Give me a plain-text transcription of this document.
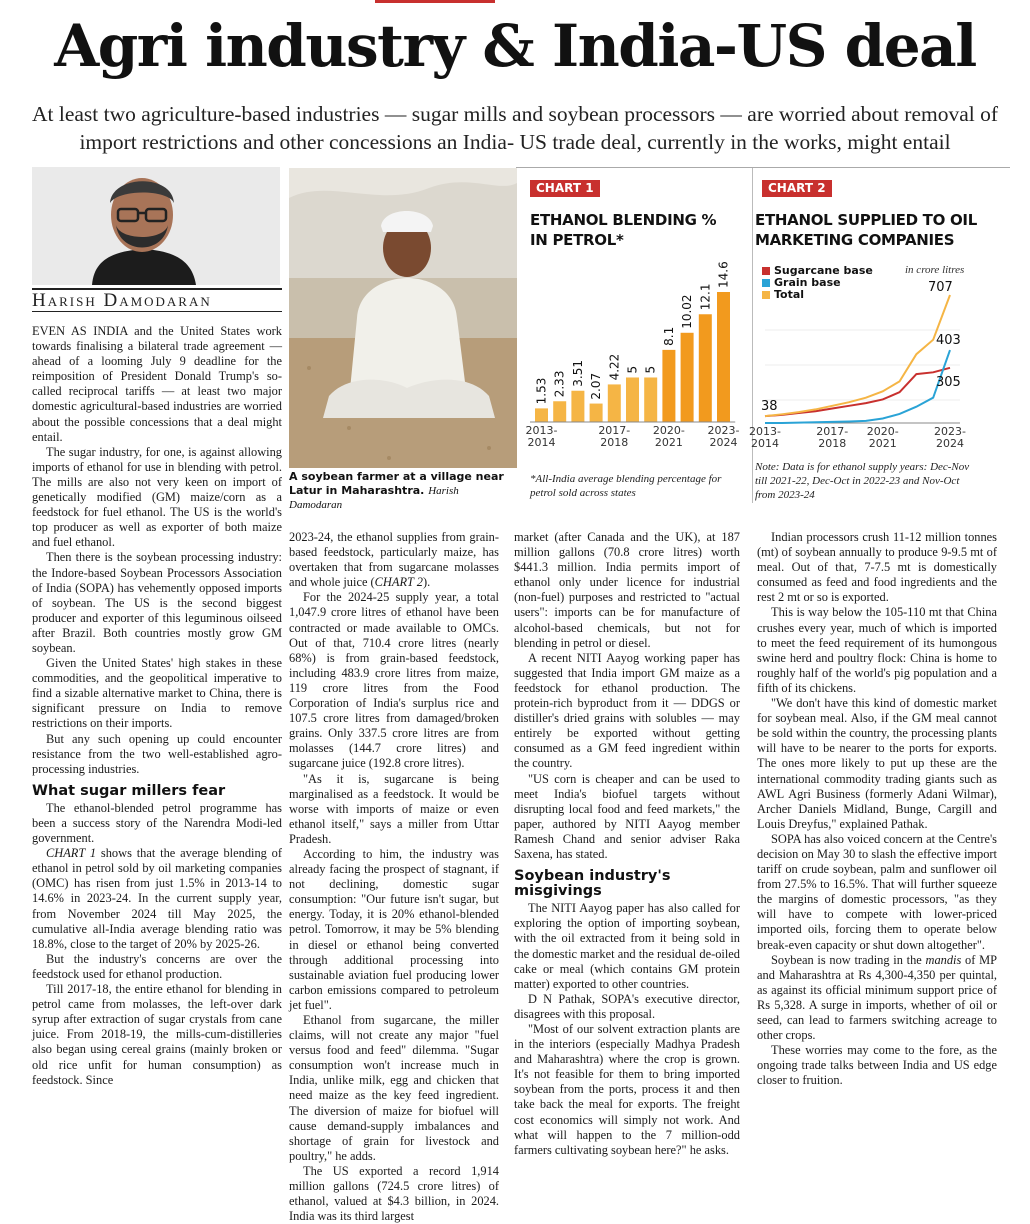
Agri industry & India-US deal
At least two agriculture-based industries — sugar mills and soybean processors — are worried about removal of import restrictions and other concessions an India- US trade deal, currently in the works, might entail
Harish Damodaran
A soybean farmer at a village near Latur in Maharashtra. Harish Damodaran
CHART 1
ETHANOL BLENDING % IN PETROL*
1.53 2.33 3.51 2.07
4.22 5 5
8.1
10.02 12.1
14.6
2013-
2014
2017-
2018
2020-
2021
2023-
2024
*All-India average blending percentage for petrol sold across states
CHART 2
ETHANOL SUPPLIED TO OIL MARKETING COMPANIES
in crore litres
Sugarcane base
Grain base
Total	707
403
305
38
2013-
2014
2017-
2018
2020-
2021
2023-
2024
Note: Data is for ethanol supply years: Dec-Nov till 2021-22, Dec-Oct in 2022-23 and Nov-Oct from 2023-24

EVEN AS INDIA and the United States work towards finalising a bilateral trade agreement — ahead of a looming July 9 deadline for the reimposition of President Donald Trump's so-called reciprocal tariffs — at least two major domestic agricultural-based industries are worried about the possible concessions that a deal might entail.

The sugar industry, for one, is against allowing imports of ethanol for use in blending with petrol. The mills are also not very keen on import of genetically modified (GM) maize/corn as a feedstock for fuel ethanol. The US is the world's top producer as well as exporter of both maize and fuel ethanol.

Then there is the soybean processing industry: the Indore-based Soybean Processors Association of India (SOPA) has vehemently opposed imports of soybean. The US is the second biggest producer and exporter of this leguminous oilseed after Brazil. Both countries mostly grow GM soybean.

Given the United States' high stakes in these commodities, and the geopolitical imperative to find a sizable alternative market to China, there is significant pressure on India to remove restrictions on their imports.

But any such opening up could encounter resistance from the two well-established agro-processing industries.

What sugar millers fear

The ethanol-blended petrol programme has been a success story of the Narendra Modi-led government.

CHART 1 shows that the average blending of ethanol in petrol sold by oil marketing companies (OMC) has risen from just 1.5% in 2013-14 to 14.6% in 2023-24. In the current supply year, from November 2024 till May 2025, the cumulative all-India average blending ratio was 18.8%, close to the target of 20% by 2025-26.

But the industry's concerns are over the feedstock used for ethanol production.

Till 2017-18, the entire ethanol for blending in petrol came from molasses, the left-over dark syrup after extraction of sugar crystals from cane juice. From 2018-19, the mills-cum-distilleries also began using cereal grains (mainly broken or old rice unfit for human consumption) as feedstock. Since

2023-24, the ethanol supplies from grain-based feedstock, particularly maize, has overtaken that from sugarcane molasses and whole juice (CHART 2).

For the 2024-25 supply year, a total 1,047.9 crore litres of ethanol have been contracted or made available to OMCs. Out of that, 710.4 crore litres (nearly 68%) is from grain-based feedstock, including 483.9 crore litres from maize, 119 crore litres from the Food Corporation of India's surplus rice and 107.5 crore litres from damaged/broken grains. Only 337.5 crore litres are from molasses (144.7 crore litres) and sugarcane juice (192.8 crore litres).

"As it is, sugarcane is being marginalised as a feedstock. It would be worse with imports of maize or even ethanol itself," says a miller from Uttar Pradesh.

According to him, the industry was already facing the prospect of stagnant, if not declining, domestic sugar consumption: "Our future isn't sugar, but energy. Today, it is 20% ethanol-blended petrol. Tomorrow, it may be 5% blending in diesel or ethanol being converted through additional processing into sustainable aviation fuel producing lower carbon emissions compared to petroleum jet fuel".

Ethanol from sugarcane, the miller claims, will not create any major "fuel versus food and feed" dilemma. "Sugar consumption won't increase much in India, unlike milk, egg and chicken that need maize as the key feed ingredient. The diversion of maize for biofuel will cause demand-supply imbalances and shortage of grain for livestock and poultry," he adds.

The US exported a record 1,914 million gallons (724.5 crore litres) of ethanol, valued at $4.3 billion, in 2024. India was its third largest

market (after Canada and the UK), at 187 million gallons (70.8 crore litres) worth $441.3 million. India permits import of ethanol only under licence for industrial (non-fuel) purposes and restricted to "actual users": imports can be for manufacture of alcohol-based chemicals, but not for blending in petrol or diesel.

A recent NITI Aayog working paper has suggested that India import GM maize as a feedstock for ethanol production. The protein-rich byproduct from it — DDGS or distiller's dried grains with solubles — may entirely be exported without getting consumed as a GM feed ingredient within the country.

"US corn is cheaper and can be used to meet India's biofuel targets without disrupting local food and feed markets," the paper, authored by NITI Aayog member Ramesh Chand and senior adviser Raka Saxena, has stated.

Soybean industry's misgivings

The NITI Aayog paper has also called for exploring the option of importing soybean, with the oil extracted from it being sold in the domestic market and the residual de-oiled cake or meal (which contains GM protein matter) exported to other countries.

D N Pathak, SOPA's executive director, disagrees with this proposal.

"Most of our solvent extraction plants are in the interiors (especially Madhya Pradesh and Maharashtra) where the crop is grown. It's not feasible for them to bring imported soybean from the ports, process it and then take back the meal for exports. The freight cost economics will simply not work. And what will happen to the 7 million-odd farmers cultivating soybean here?" he asks.

Indian processors crush 11-12 million tonnes (mt) of soybean annually to produce 9-9.5 mt of meal. Out of that, 7-7.5 mt is domestically consumed as feed and food ingredients and the rest 2 mt or so is exported.

This is way below the 105-110 mt that China crushes every year, much of which is imported to meet the feed requirement of its humongous swine herd and poultry flock: China is home to roughly half of the world's pig population and a fifth of its chickens.

"We don't have this kind of domestic market for soybean meal. Also, if the GM meal cannot be sold within the country, the processing plants will have to be nearer to the ports for exports. The ones more likely to put up these are the international commodity trading giants such as AWL Agri Business (formerly Adani Wilmar), Archer Daniels Midland, Bunge, Cargill and Louis Dreyfus," explained Pathak.

SOPA has also voiced concern at the Centre's decision on May 30 to slash the effective import tariff on crude soybean, palm and sunflower oil from 27.5% to 16.5%. That will further squeeze the margins of domestic processors, "as they will have to compete with lower-priced imported oils, forcing them to operate below break-even capacity or shut down altogether".

Soybean is now trading in the mandis of MP and Maharashtra at Rs 4,300-4,350 per quintal, as against its official minimum support price of Rs 5,328. A surge in imports, whether of oil or seed, can lead to farmers switching acreage to other crops.

These worries may come to the fore, as the ongoing trade talks between India and US edge closer to fruition.
